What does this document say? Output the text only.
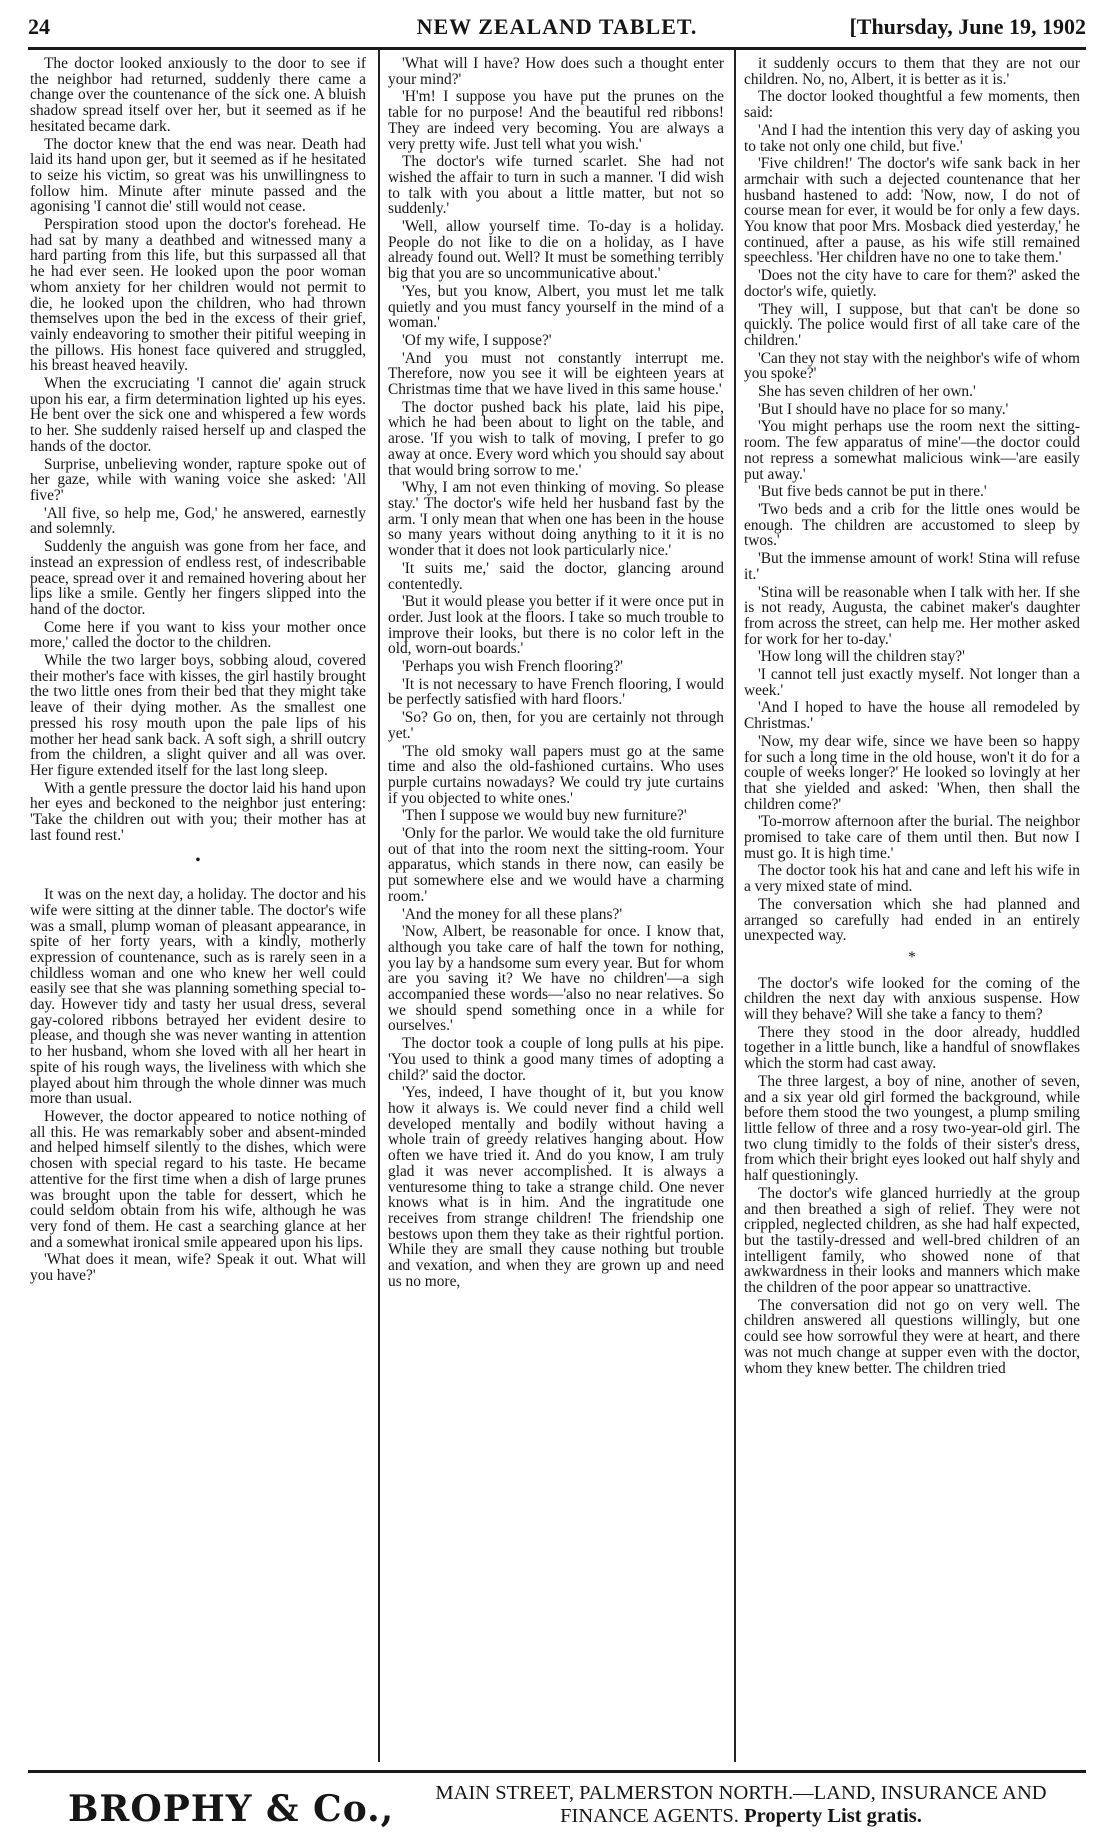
24	NEW ZEALAND TABLET.	[Thursday, June 19, 1902

The doctor looked anxiously to the door to see if the neighbor had returned, suddenly there came a change over the countenance of the sick one. A bluish shadow spread itself over her, but it seemed as if he hesitated became dark.

The doctor knew that the end was near. Death had laid its hand upon ger, but it seemed as if he hesitated to seize his victim, so great was his unwillingness to follow him. Minute after minute passed and the agonising 'I cannot die' still would not cease.

Perspiration stood upon the doctor's forehead. He had sat by many a deathbed and witnessed many a hard parting from this life, but this surpassed all that he had ever seen. He looked upon the poor woman whom anxiety for her children would not permit to die, he looked upon the children, who had thrown themselves upon the bed in the excess of their grief, vainly endeavoring to smother their pitiful weeping in the pillows. His honest face quivered and struggled, his breast heaved heavily.

When the excruciating 'I cannot die' again struck upon his ear, a firm determination lighted up his eyes. He bent over the sick one and whispered a few words to her. She suddenly raised herself up and clasped the hands of the doctor.

Surprise, unbelieving wonder, rapture spoke out of her gaze, while with waning voice she asked: 'All five?'

'All five, so help me, God,' he answered, earnestly and solemnly.

Suddenly the anguish was gone from her face, and instead an expression of endless rest, of indescribable peace, spread over it and remained hovering about her lips like a smile. Gently her fingers slipped into the hand of the doctor.

Come here if you want to kiss your mother once more,' called the doctor to the children.

While the two larger boys, sobbing aloud, covered their mother's face with kisses, the girl hastily brought the two little ones from their bed that they might take leave of their dying mother. As the smallest one pressed his rosy mouth upon the pale lips of his mother her head sank back. A soft sigh, a shrill outcry from the children, a slight quiver and all was over. Her figure extended itself for the last long sleep.

With a gentle pressure the doctor laid his hand upon her eyes and beckoned to the neighbor just entering: 'Take the children out with you; their mother has at last found rest.'

•

It was on the next day, a holiday. The doctor and his wife were sitting at the dinner table. The doctor's wife was a small, plump woman of pleasant appearance, in spite of her forty years, with a kindly, motherly expression of countenance, such as is rarely seen in a childless woman and one who knew her well could easily see that she was planning something special to-day. However tidy and tasty her usual dress, several gay-colored ribbons betrayed her evident desire to please, and though she was never wanting in attention to her husband, whom she loved with all her heart in spite of his rough ways, the liveliness with which she played about him through the whole dinner was much more than usual.

However, the doctor appeared to notice nothing of all this. He was remarkably sober and absent-minded and helped himself silently to the dishes, which were chosen with special regard to his taste. He became attentive for the first time when a dish of large prunes was brought upon the table for dessert, which he could seldom obtain from his wife, although he was very fond of them. He cast a searching glance at her and a somewhat ironical smile appeared upon his lips.

'What does it mean, wife? Speak it out. What will you have?'

'What will I have? How does such a thought enter your mind?'

'H'm! I suppose you have put the prunes on the table for no purpose! And the beautiful red ribbons! They are indeed very becoming. You are always a very pretty wife. Just tell what you wish.'

The doctor's wife turned scarlet. She had not wished the affair to turn in such a manner. 'I did wish to talk with you about a little matter, but not so suddenly.'

'Well, allow yourself time. To-day is a holiday. People do not like to die on a holiday, as I have already found out. Well? It must be something terribly big that you are so uncommunicative about.'

'Yes, but you know, Albert, you must let me talk quietly and you must fancy yourself in the mind of a woman.'

'Of my wife, I suppose?'

'And you must not constantly interrupt me. Therefore, now you see it will be eighteen years at Christmas time that we have lived in this same house.'

The doctor pushed back his plate, laid his pipe, which he had been about to light on the table, and arose. 'If you wish to talk of moving, I prefer to go away at once. Every word which you should say about that would bring sorrow to me.'

'Why, I am not even thinking of moving. So please stay.' The doctor's wife held her husband fast by the arm. 'I only mean that when one has been in the house so many years without doing anything to it it is no wonder that it does not look particularly nice.'

'It suits me,' said the doctor, glancing around contentedly.

'But it would please you better if it were once put in order. Just look at the floors. I take so much trouble to improve their looks, but there is no color left in the old, worn-out boards.'

'Perhaps you wish French flooring?'

'It is not necessary to have French flooring, I would be perfectly satisfied with hard floors.'

'So? Go on, then, for you are certainly not through yet.'

'The old smoky wall papers must go at the same time and also the old-fashioned curtains. Who uses purple curtains nowadays? We could try jute curtains if you objected to white ones.'

'Then I suppose we would buy new furniture?'

'Only for the parlor. We would take the old furniture out of that into the room next the sitting-room. Your apparatus, which stands in there now, can easily be put somewhere else and we would have a charming room.'

'And the money for all these plans?'

'Now, Albert, be reasonable for once. I know that, although you take care of half the town for nothing, you lay by a handsome sum every year. But for whom are you saving it? We have no children'—a sigh accompanied these words—'also no near relatives. So we should spend something once in a while for ourselves.'

The doctor took a couple of long pulls at his pipe. 'You used to think a good many times of adopting a child?' said the doctor.

'Yes, indeed, I have thought of it, but you know how it always is. We could never find a child well developed mentally and bodily without having a whole train of greedy relatives hanging about. How often we have tried it. And do you know, I am truly glad it was never accomplished. It is always a venturesome thing to take a strange child. One never knows what is in him. And the ingratitude one receives from strange children! The friendship one bestows upon them they take as their rightful portion. While they are small they cause nothing but trouble and vexation, and when they are grown up and need us no more,

it suddenly occurs to them that they are not our children. No, no, Albert, it is better as it is.'

The doctor looked thoughtful a few moments, then said:

'And I had the intention this very day of asking you to take not only one child, but five.'

'Five children!' The doctor's wife sank back in her armchair with such a dejected countenance that her husband hastened to add: 'Now, now, I do not of course mean for ever, it would be for only a few days. You know that poor Mrs. Mosback died yesterday,' he continued, after a pause, as his wife still remained speechless. 'Her children have no one to take them.'

'Does not the city have to care for them?' asked the doctor's wife, quietly.

'They will, I suppose, but that can't be done so quickly. The police would first of all take care of the children.'

'Can they not stay with the neighbor's wife of whom you spoke?'

She has seven children of her own.'

'But I should have no place for so many.'

'You might perhaps use the room next the sitting-room. The few apparatus of mine'—the doctor could not repress a somewhat malicious wink—'are easily put away.'

'But five beds cannot be put in there.'

'Two beds and a crib for the little ones would be enough. The children are accustomed to sleep by twos.'

'But the immense amount of work! Stina will refuse it.'

'Stina will be reasonable when I talk with her. If she is not ready, Augusta, the cabinet maker's daughter from across the street, can help me. Her mother asked for work for her to-day.'

'How long will the children stay?'

'I cannot tell just exactly myself. Not longer than a week.'

'And I hoped to have the house all remodeled by Christmas.'

'Now, my dear wife, since we have been so happy for such a long time in the old house, won't it do for a couple of weeks longer?' He looked so lovingly at her that she yielded and asked: 'When, then shall the children come?'

'To-morrow afternoon after the burial. The neighbor promised to take care of them until then. But now I must go. It is high time.'

The doctor took his hat and cane and left his wife in a very mixed state of mind.

The conversation which she had planned and arranged so carefully had ended in an entirely unexpected way.

*

The doctor's wife looked for the coming of the children the next day with anxious suspense. How will they behave? Will she take a fancy to them?

There they stood in the door already, huddled together in a little bunch, like a handful of snowflakes which the storm had cast away.

The three largest, a boy of nine, another of seven, and a six year old girl formed the background, while before them stood the two youngest, a plump smiling little fellow of three and a rosy two-year-old girl. The two clung timidly to the folds of their sister's dress, from which their bright eyes looked out half shyly and half questioningly.

The doctor's wife glanced hurriedly at the group and then breathed a sigh of relief. They were not crippled, neglected children, as she had half expected, but the tastily-dressed and well-bred children of an intelligent family, who showed none of that awkwardness in their looks and manners which make the children of the poor appear so unattractive.

The conversation did not go on very well. The children answered all questions willingly, but one could see how sorrowful they were at heart, and there was not much change at supper even with the doctor, whom they knew better. The children tried

BROPHY & Co.,	MAIN STREET, PALMERSTON NORTH.—LAND, INSURANCE AND
FINANCE AGENTS. Property List gratis.
